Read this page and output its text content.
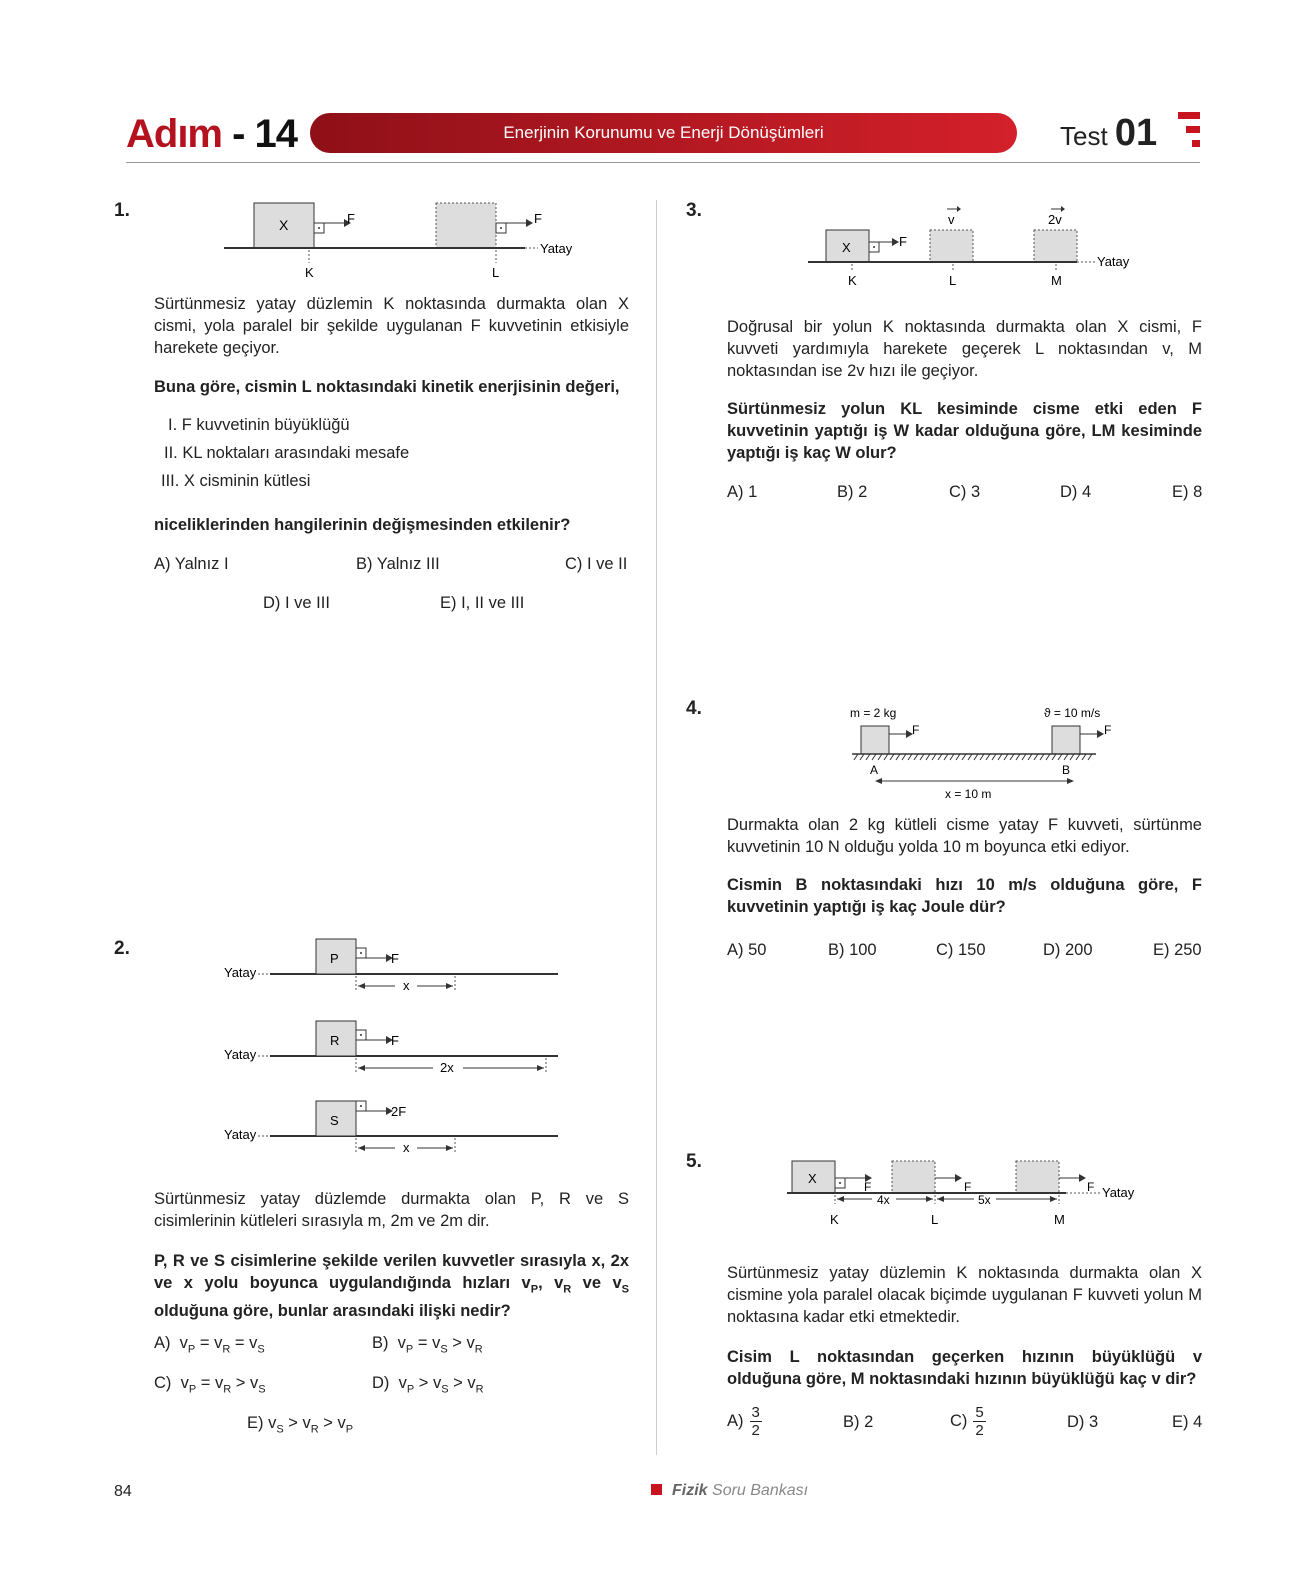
Adım - 14	Enerjinin Korunumu ve Enerji Dönüşümleri	Test 01
1.
X	F	F
Yatay
K	L
Sürtünmesiz yatay düzlemin K noktasında durmakta olan X cismi, yola paralel bir şekilde uygulanan F kuvvetinin etkisiyle harekete geçiyor.
Buna göre, cismin L noktasındaki kinetik enerjisinin değeri,
I. F kuvvetinin büyüklüğü
II. KL noktaları arasındaki mesafe
III. X cisminin kütlesi
niceliklerinden hangilerinin değişmesinden etkilenir?
A) Yalnız I	B) Yalnız III	C) I ve II
D) I ve III	E) I, II ve III
2.
Yatay
P	F
x
Yatay
R	F
2x
Yatay
S
2F
x
Sürtünmesiz yatay düzlemde durmakta olan P, R ve S cisimlerinin kütleleri sırasıyla m, 2m ve 2m dir.
P, R ve S cisimlerine şekilde verilen kuvvetler sırasıyla x, 2x ve x yolu boyunca uygulandığında hızları $v_P$, $v_R$ ve $v_S$ olduğuna göre, bunlar arasındaki ilişki nedir?
A)  $v_P = v_R = v_S$	B)  $v_P = v_S > v_R$
C)  $v_P = v_R > v_S$	D)  $v_P > v_S > v_R$
E) $v_S > v_R > v_P$
3.
X	F
v	2v
Yatay
K	L	M
Doğrusal bir yolun K noktasında durmakta olan X cismi, F kuvveti yardımıyla harekete geçerek L noktasından v, M noktasından ise 2v hızı ile geçiyor.
Sürtünmesiz yolun KL kesiminde cisme etki eden F kuvvetinin yaptığı iş W kadar olduğuna göre, LM kesiminde yaptığı iş kaç W olur?
A) 1	B) 2	C) 3	D) 4	E) 8
4.	m = 2 kg	ϑ = 10 m/s
F	F
A	B
x = 10 m
Durmakta olan 2 kg kütleli cisme yatay F kuvveti, sürtünme kuvvetinin 10 N olduğu yolda 10 m boyunca etki ediyor.
Cismin B noktasındaki hızı 10 m/s olduğuna göre, F kuvvetinin yaptığı iş kaç Joule dür?
A) 50	B) 100	C) 150	D) 200	E) 250
5.
X
F	F	F Yatay
4x	5x
K	L	M
Sürtünmesiz yatay düzlemin K noktasında durmakta olan X cismine yola paralel olacak biçimde uygulanan F kuvveti yolun M noktasına kadar etki etmektedir.
Cisim L noktasından geçerken hızının büyüklüğü v olduğuna göre, M noktasındaki hızının büyüklüğü kaç v dir?
A) 3
2	B) 2	C) 5
2	D) 3	E) 4
84	Fizik Soru Bankası
